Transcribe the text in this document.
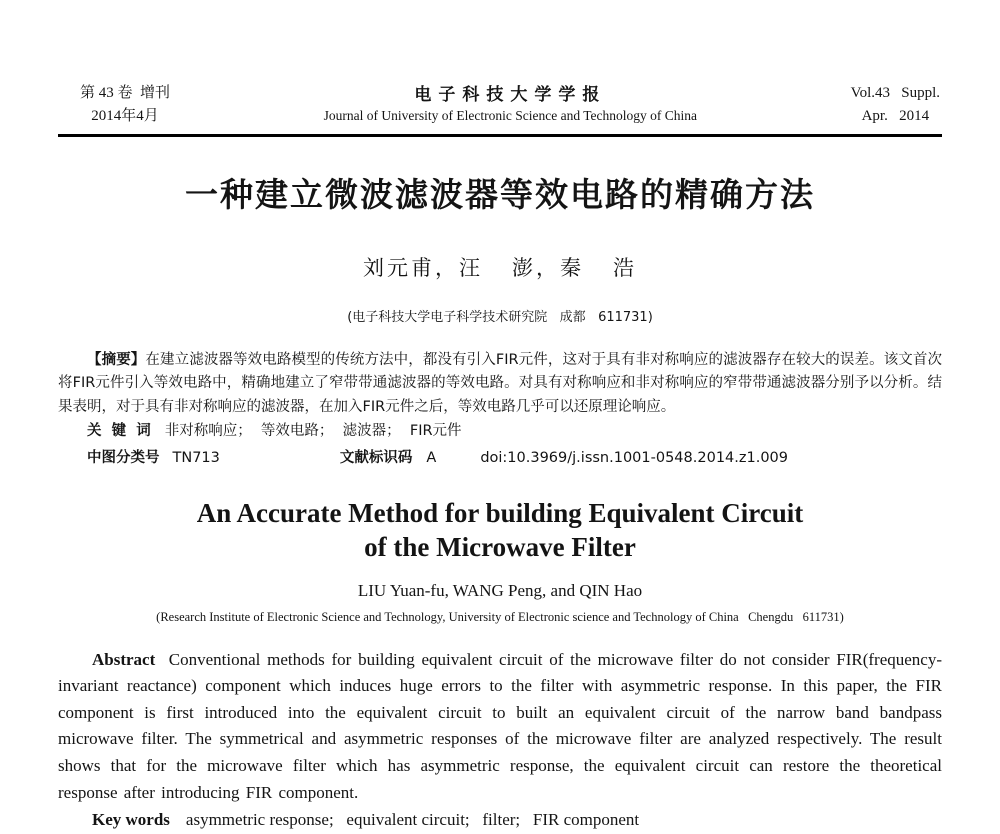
第 43 卷  增刊
2014年4月
电子科技大学学报
Journal of University of Electronic Science and Technology of China
Vol.43   Suppl.
Apr.   2014
一种建立微波滤波器等效电路的精确方法
刘元甫，汪   澎，秦   浩
(电子科技大学电子科学技术研究院   成都   611731)
【摘要】在建立滤波器等效电路模型的传统方法中，都没有引入FIR元件，这对于具有非对称响应的滤波器存在较大的误差。该文首次将FIR元件引入等效电路中，精确地建立了窄带带通滤波器的等效电路。对具有对称响应和非对称响应的窄带带通滤波器分别予以分析。结果表明，对于具有非对称响应的滤波器，在加入FIR元件之后，等效电路几乎可以还原理论响应。
关  键  词 非对称响应；  等效电路；  滤波器；  FIR元件
中图分类号 TN713	文献标识码 A	doi:10.3969/j.issn.1001-0548.2014.z1.009
An Accurate Method for building Equivalent Circuit
of the Microwave Filter
LIU Yuan-fu, WANG Peng, and QIN Hao
(Research Institute of Electronic Science and Technology, University of Electronic science and Technology of China   Chengdu   611731)
Abstract Conventional methods for building equivalent circuit of the microwave filter do not consider FIR(frequency-invariant reactance) component which induces huge errors to the filter with asymmetric response. In this paper, the FIR component is first introduced into the equivalent circuit to built an equivalent circuit of the narrow band bandpass microwave filter. The symmetrical and asymmetric responses of the microwave filter are analyzed respectively. The result shows that for the microwave filter which has asymmetric response, the equivalent circuit can restore the theoretical response after introducing FIR component.
Key words asymmetric response;   equivalent circuit;   filter;   FIR component
